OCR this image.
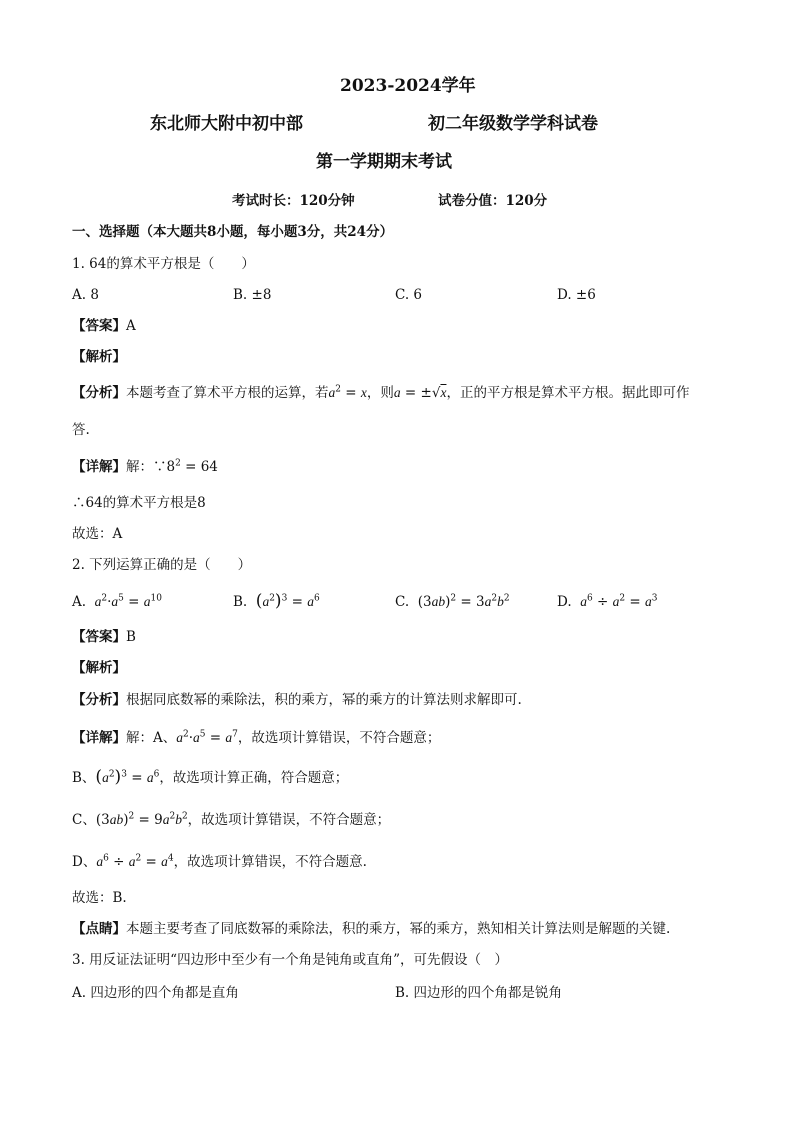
2023-2024学年
东北师大附中初中部	初二年级数学学科试卷
第一学期期末考试
考试时长：120分钟	试卷分值：120分
一、选择题（本大题共8小题，每小题3分，共24分）
1. 64的算术平方根是（　　）
A. 8	B. ±8	C. 6	D. ±6
【答案】A
【解析】
【分析】本题考查了算术平方根的运算，若$a^2 = x$，则a = ±√x，正的平方根是算术平方根。据此即可作
答.
【详解】解：$\because 8^2 = 64$
∴64的算术平方根是8
故选：A
2. 下列运算正确的是（　　）
A.  $a^2\cdot a^5 = a^{10}$	B.  $(a^2)^3 = a^6$	C.  $(3ab)^2 = 3a^2b^2$	D.  $a^6 \div a^2 = a^3$
【答案】B
【解析】
【分析】根据同底数幂的乘除法，积的乘方，幂的乘方的计算法则求解即可.
【详解】解：A、$a^2\cdot a^5 = a^7$，故选项计算错误，不符合题意；
B、$(a^2)^3 = a^6$，故选项计算正确，符合题意；
C、$(3ab)^2 = 9a^2b^2$，故选项计算错误，不符合题意；
D、$a^6 \div a^2 = a^4$，故选项计算错误，不符合题意.
故选：B.
【点睛】本题主要考查了同底数幂的乘除法，积的乘方，幂的乘方，熟知相关计算法则是解题的关键.
3. 用反证法证明“四边形中至少有一个角是钝角或直角”，可先假设（　）
A. 四边形的四个角都是直角	B. 四边形的四个角都是锐角
